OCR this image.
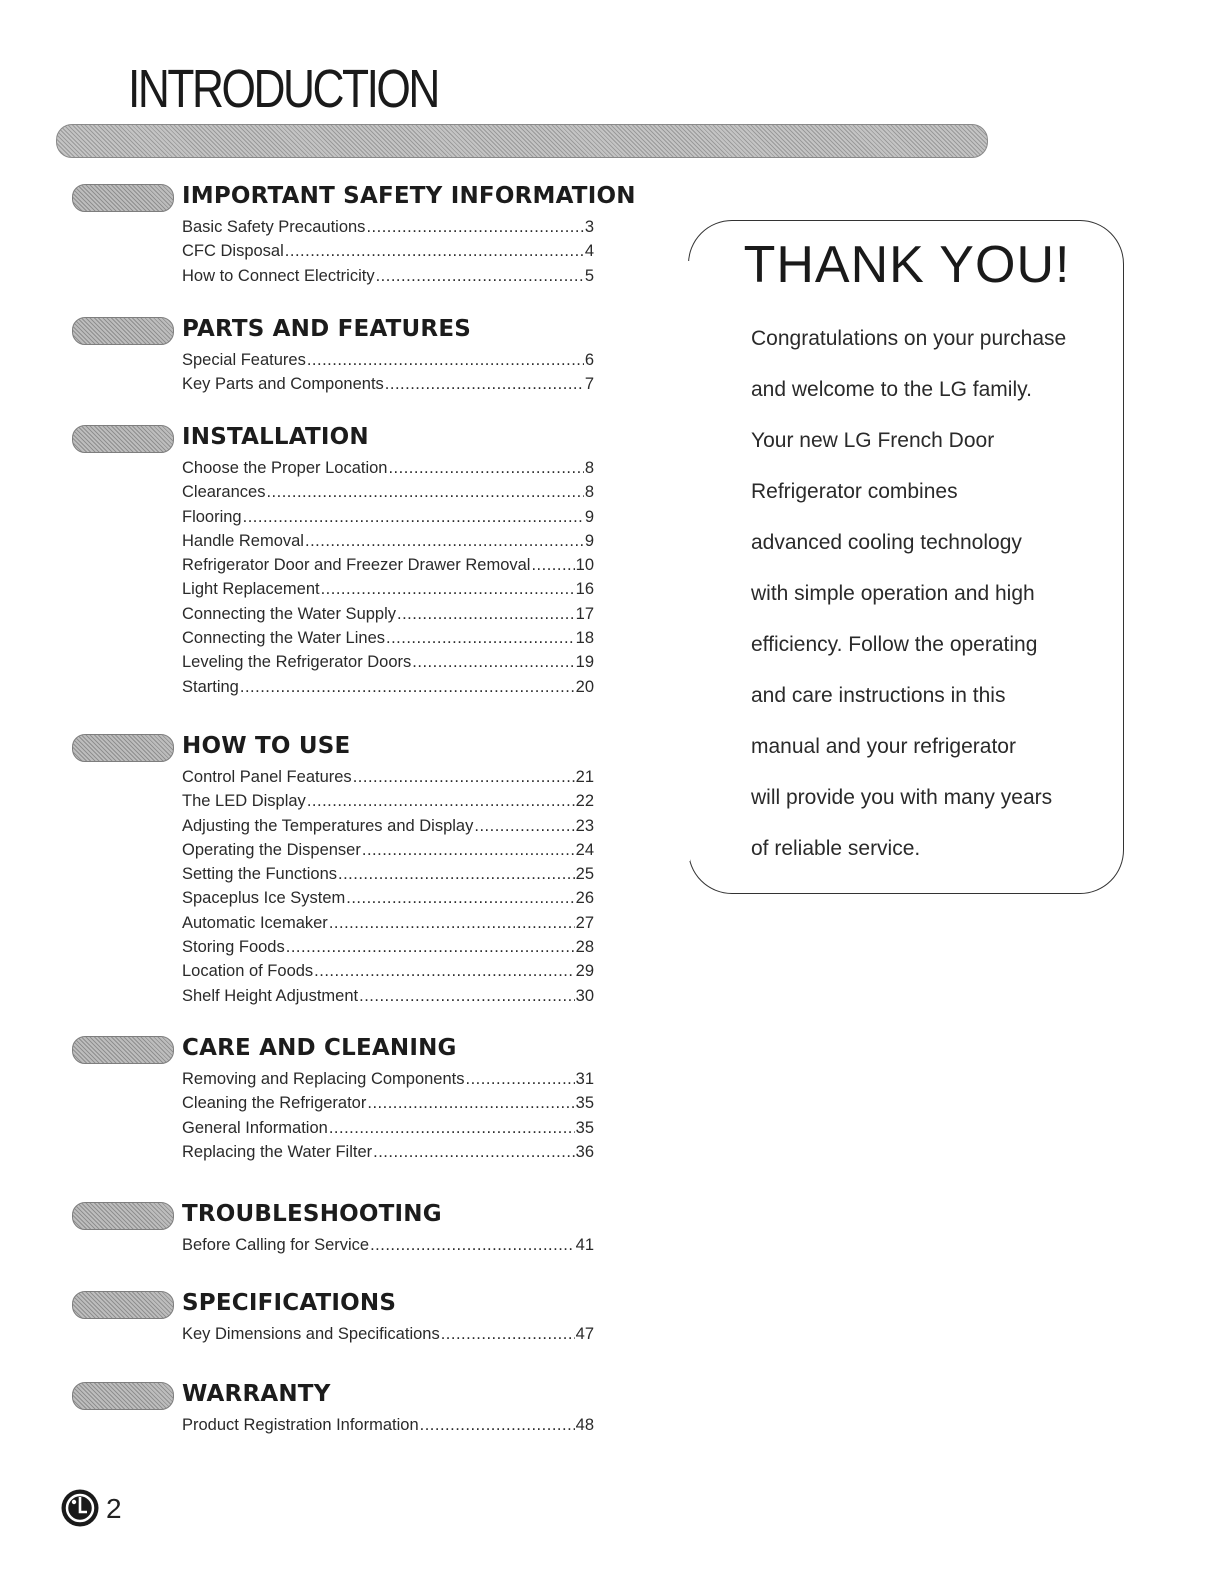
INTRODUCTION
IMPORTANT SAFETY INFORMATION
Basic Safety Precautions .....	3
CFC Disposal .....	4
How to Connect Electricity .....	5
PARTS AND FEATURES
Special Features .....	6
Key Parts and Components .....	7
INSTALLATION
Choose the Proper Location .....	8
Clearances .....	8
Flooring .....	9
Handle Removal .....	9
Refrigerator Door and Freezer Drawer Removal .....	10
Light Replacement .....	16
Connecting the Water Supply .....	17
Connecting the Water Lines .....	18
Leveling the Refrigerator Doors .....	19
Starting .....	20
HOW TO USE
Control Panel Features .....	21
The LED Display .....	22
Adjusting the Temperatures and Display .....	23
Operating the Dispenser .....	24
Setting the Functions .....	25
Spaceplus Ice System .....	26
Automatic Icemaker .....	27
Storing Foods .....	28
Location of Foods .....	29
Shelf Height Adjustment .....	30
CARE AND CLEANING
Removing and Replacing Components .....	31
Cleaning the Refrigerator .....	35
General Information .....	35
Replacing the Water Filter .....	36
TROUBLESHOOTING
Before Calling for Service .....	41
SPECIFICATIONS
Key Dimensions and Specifications .....	47
WARRANTY
Product Registration Information .....	48
THANK YOU!
Congratulations on your purchase
and welcome to the LG family.
Your new LG French Door
Refrigerator combines
advanced cooling technology
with simple operation and high
efficiency. Follow the operating
and care instructions in this
manual and your refrigerator
will provide you with many years
of reliable service.
2
